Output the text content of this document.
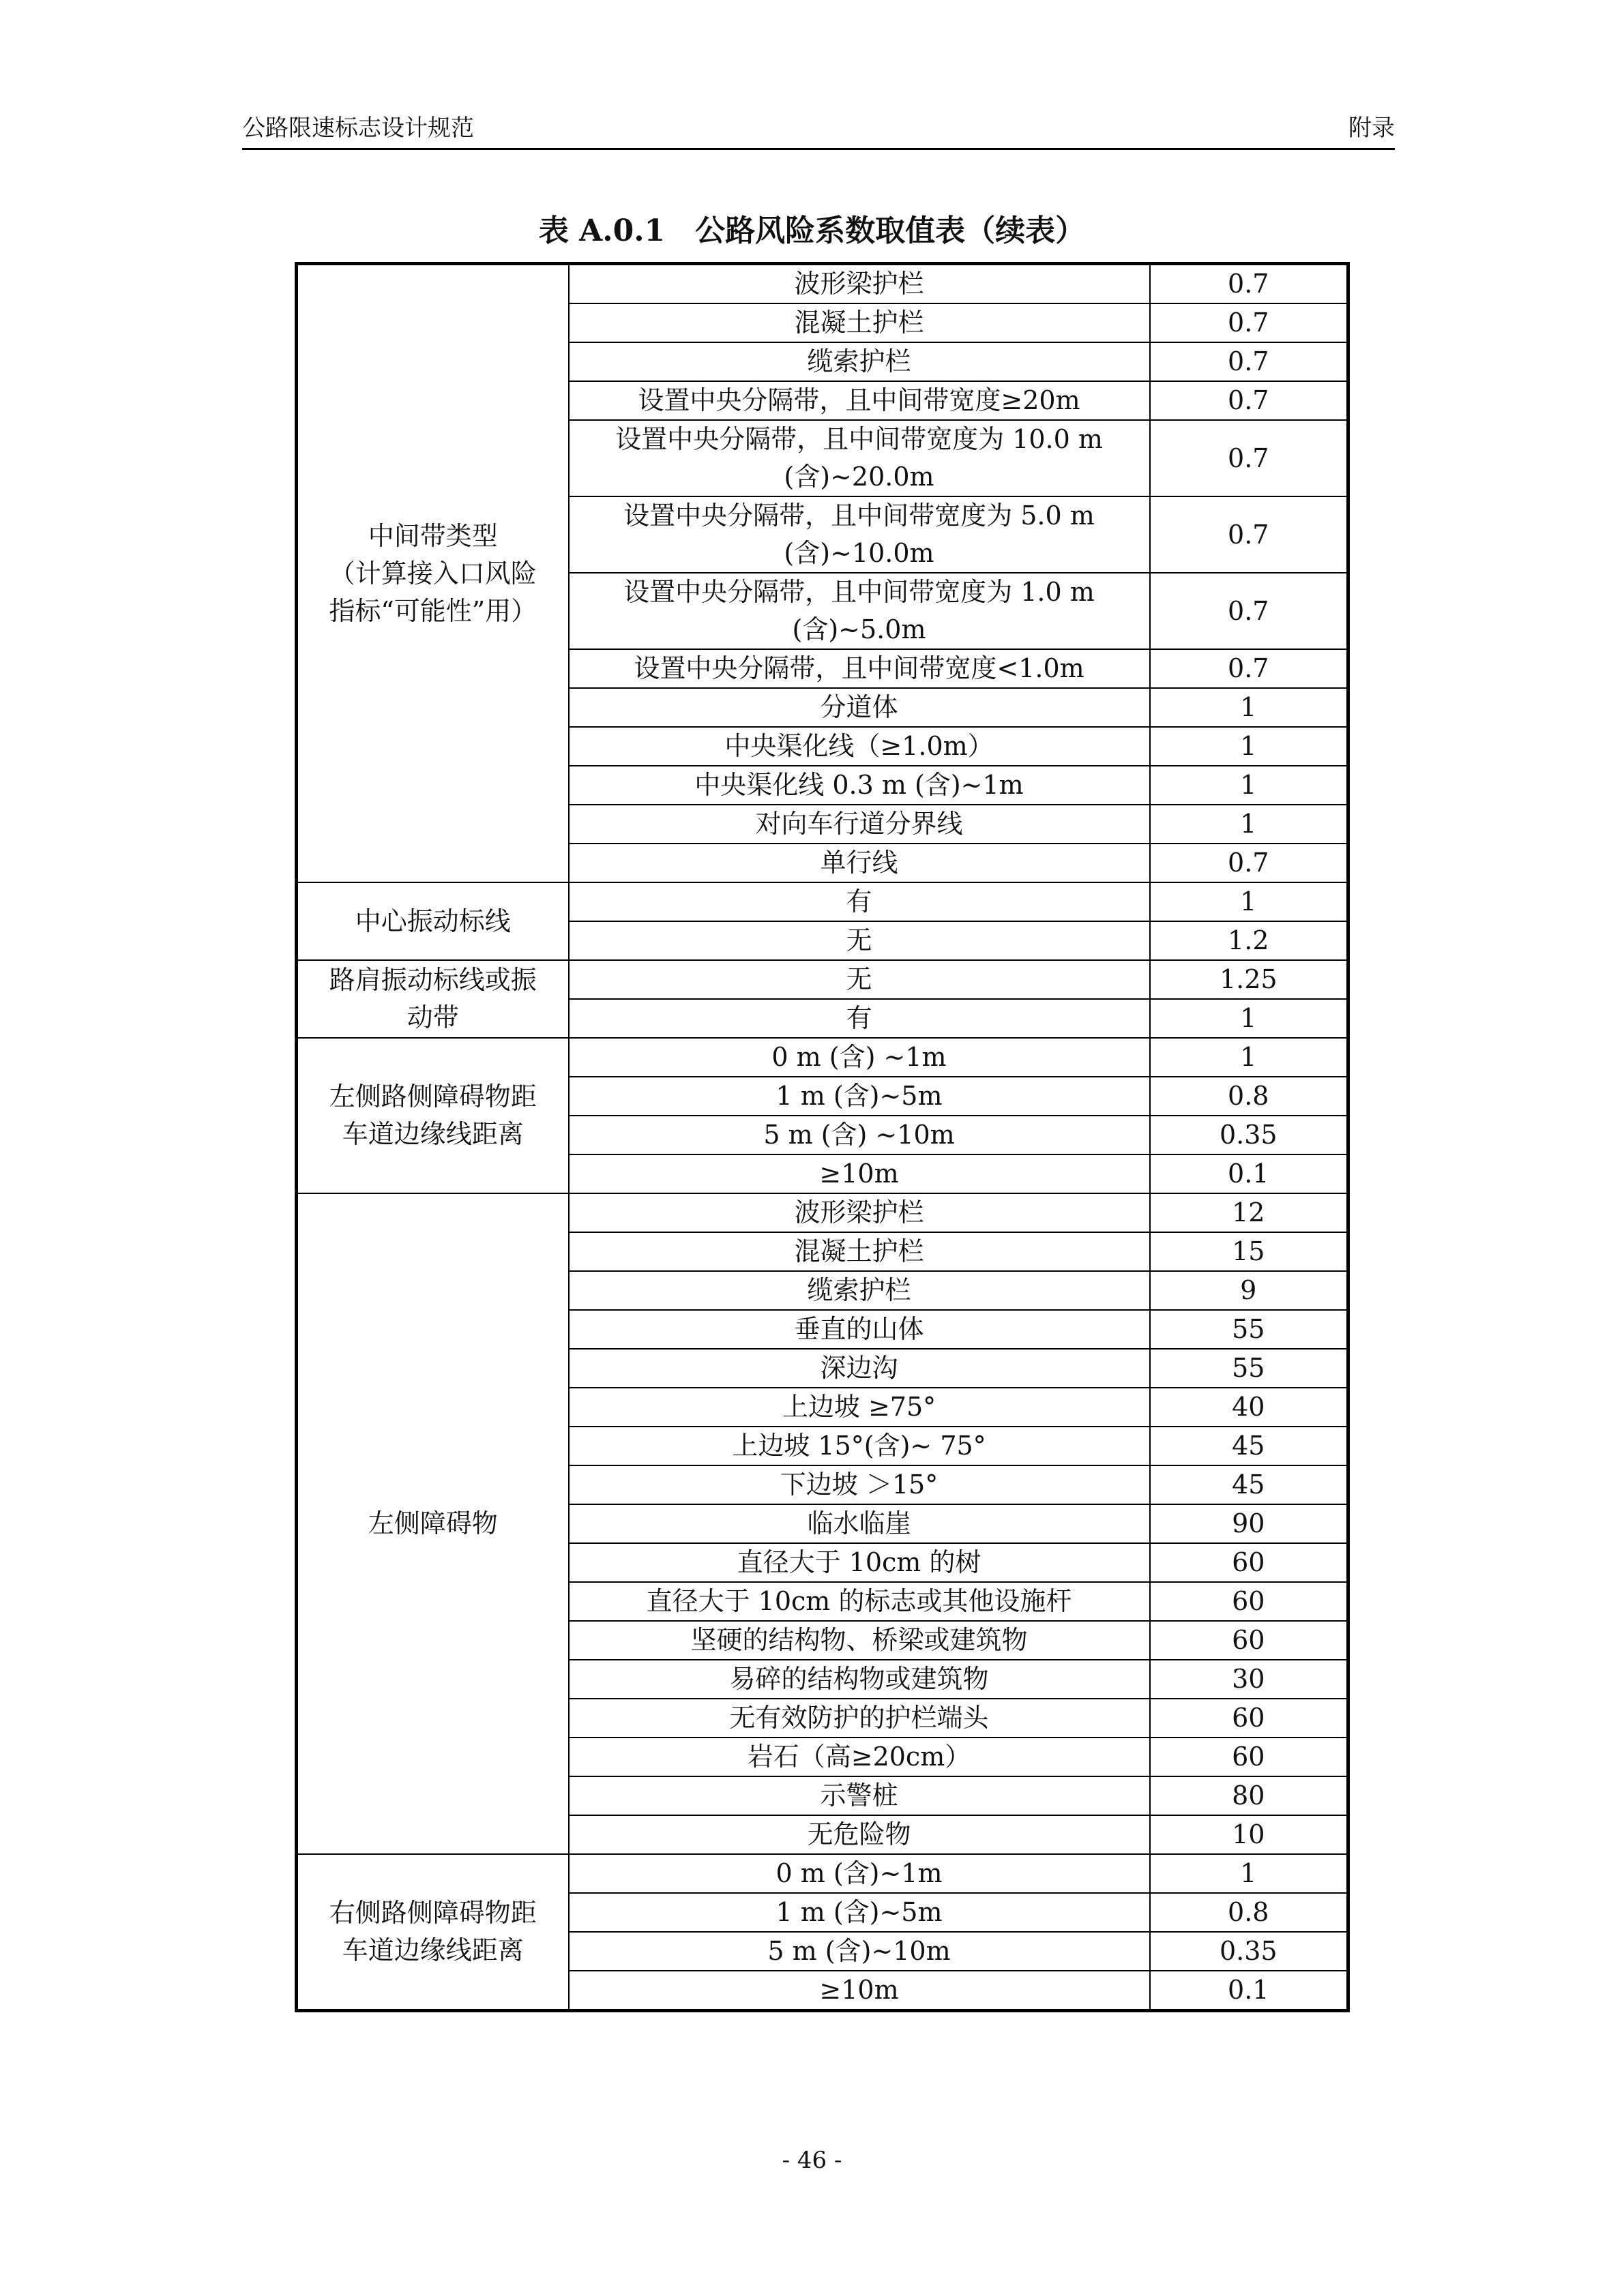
公路限速标志设计规范	附录
表 A.0.1　公路风险系数取值表（续表）
中间带类型
（计算接入口风险
指标“可能性”用）	波形梁护栏	0.7

	混凝土护栏	0.7

	缆索护栏	0.7

	设置中央分隔带，且中间带宽度≥20m	0.7

	设置中央分隔带，且中间带宽度为 10.0 m
(含)~20.0m	0.7

	设置中央分隔带，且中间带宽度为 5.0 m
(含)~10.0m	0.7

	设置中央分隔带，且中间带宽度为 1.0 m
(含)~5.0m	0.7

	设置中央分隔带，且中间带宽度<1.0m	0.7

	分道体	1

	中央渠化线（≥1.0m）	1

	中央渠化线 0.3 m (含)~1m	1

	对向车行道分界线	1

	单行线	0.7

中心振动标线	有	1

	无	1.2

路肩振动标线或振
动带	无	1.25

	有	1

左侧路侧障碍物距
车道边缘线距离	0 m (含) ~1m	1

	1 m (含)~5m	0.8

	5 m (含) ~10m	0.35

	≥10m	0.1

左侧障碍物	波形梁护栏	12

	混凝土护栏	15

	缆索护栏	9

	垂直的山体	55

	深边沟	55

	上边坡 ≥75°	40

	上边坡 15°(含)~ 75°	45

	下边坡 ＞15°	45

	临水临崖	90

	直径大于 10cm 的树	60

	直径大于 10cm 的标志或其他设施杆	60

	坚硬的结构物、桥梁或建筑物	60

	易碎的结构物或建筑物	30

	无有效防护的护栏端头	60

	岩石（高≥20cm）	60

	示警桩	80

	无危险物	10

右侧路侧障碍物距
车道边缘线距离	0 m (含)~1m	1

	1 m (含)~5m	0.8

	5 m (含)~10m	0.35

	≥10m	0.1
- 46 -
